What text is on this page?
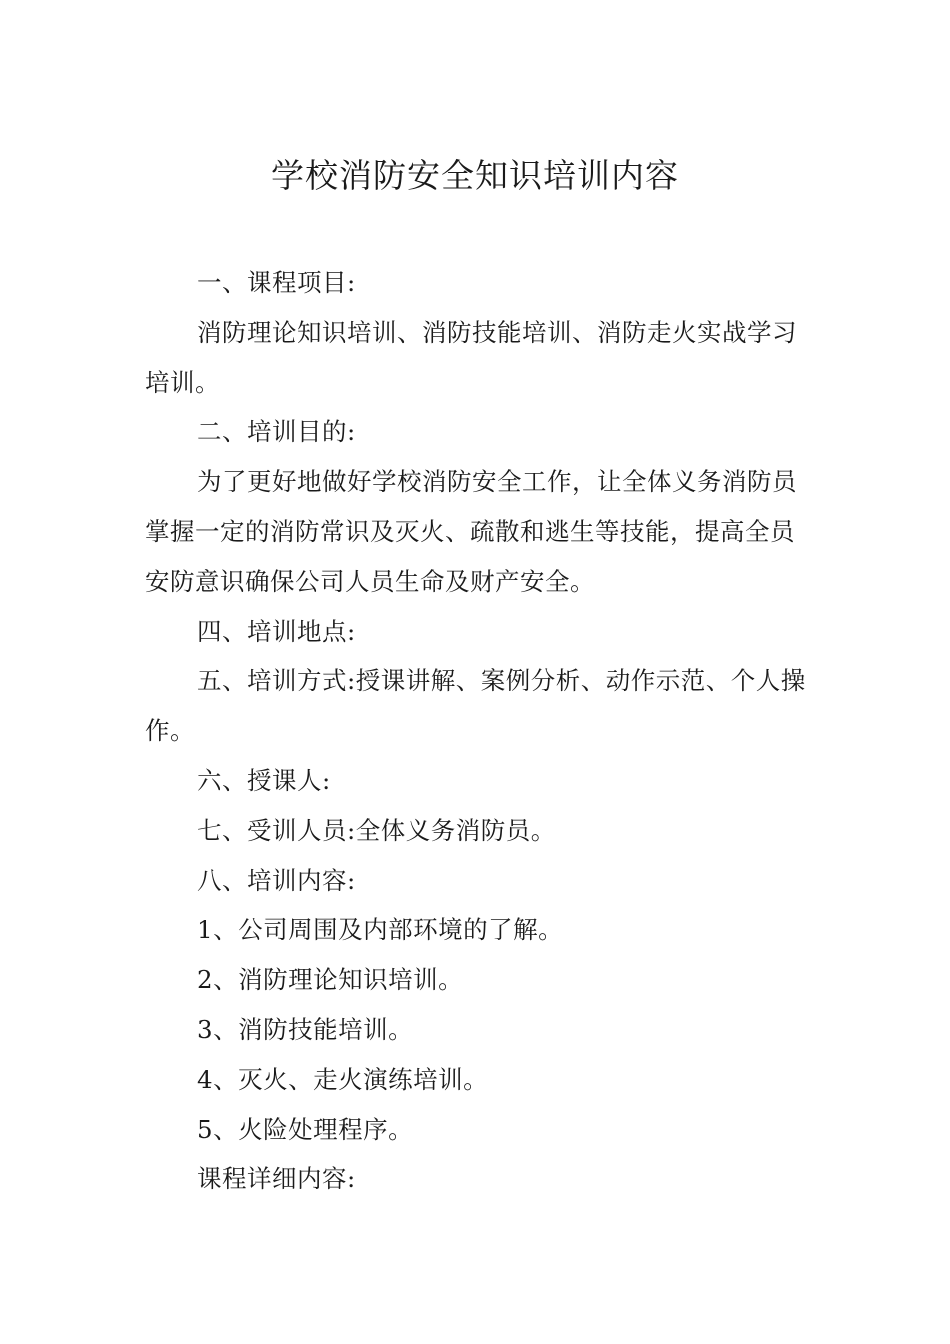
学校消防安全知识培训内容

一、课程项目:

消防理论知识培训、消防技能培训、消防走火实战学习培训。

二、培训目的:

为了更好地做好学校消防安全工作，让全体义务消防员掌握一定的消防常识及灭火、疏散和逃生等技能，提高全员安防意识确保公司人员生命及财产安全。

四、培训地点:

五、培训方式:授课讲解、案例分析、动作示范、个人操作。

六、授课人:

七、受训人员:全体义务消防员。

八、培训内容:

1、公司周围及内部环境的了解。

2、消防理论知识培训。

3、消防技能培训。

4、灭火、走火演练培训。

5、火险处理程序。

课程详细内容:
